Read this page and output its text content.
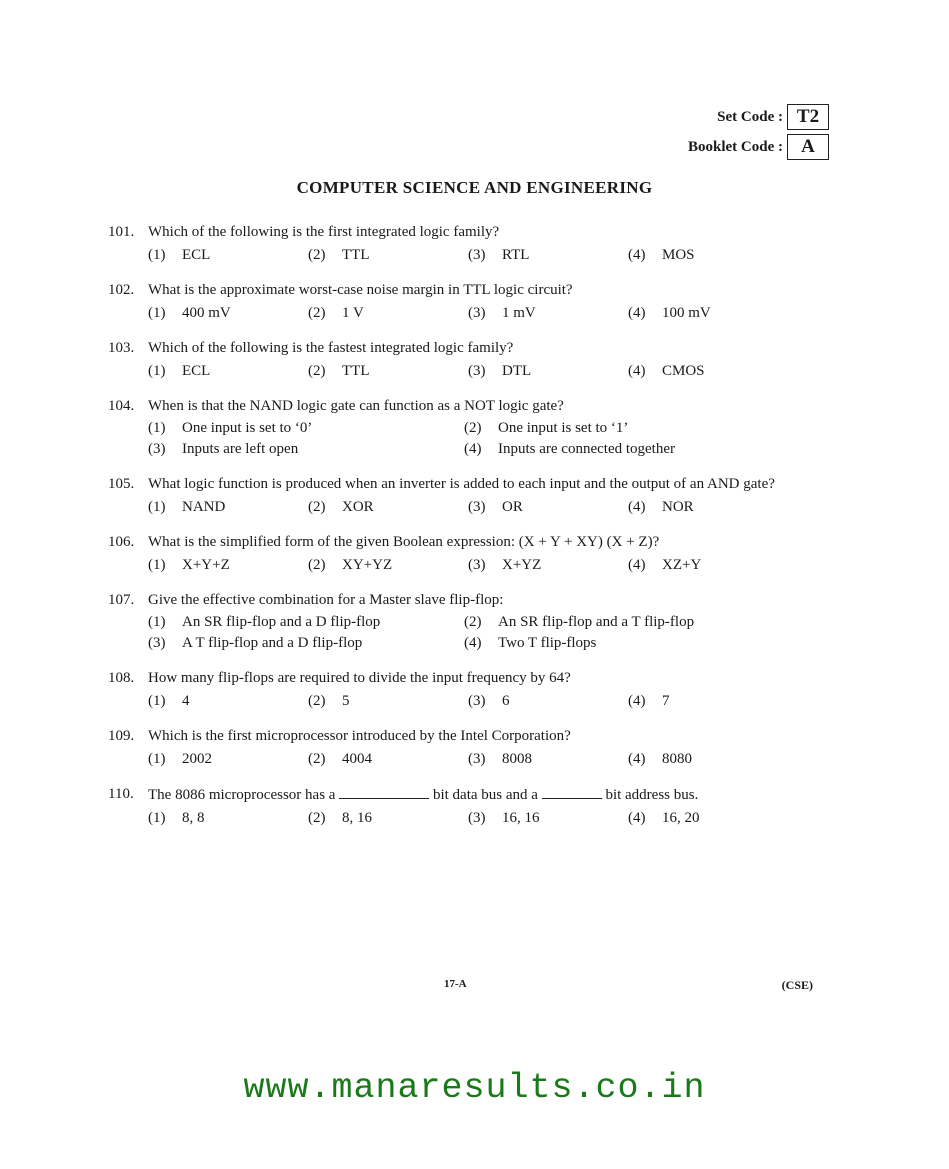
Set Code : T2
Booklet Code : A
COMPUTER SCIENCE AND ENGINEERING
101. Which of the following is the first integrated logic family?
(1) ECL	(2) TTL	(3) RTL	(4) MOS
102. What is the approximate worst-case noise margin in TTL logic circuit?
(1) 400 mV	(2) 1 V	(3) 1 mV	(4) 100 mV
103. Which of the following is the fastest integrated logic family?
(1) ECL	(2) TTL	(3) DTL	(4) CMOS
104. When is that the NAND logic gate can function as a NOT logic gate?
(1) One input is set to ‘0’	(2) One input is set to ‘1’
(3) Inputs are left open	(4) Inputs are connected together
105. What logic function is produced when an inverter is added to each input and the output of an AND gate?
(1) NAND	(2) XOR	(3) OR	(4) NOR
106. What is the simplified form of the given Boolean expression: (X + Y + XY) (X + Z)?
(1) X+Y+Z	(2) XY+YZ	(3) X+YZ	(4) XZ+Y
107. Give the effective combination for a Master slave flip-flop:
(1) An SR flip-flop and a D flip-flop	(2) An SR flip-flop and a T flip-flop
(3) A T flip-flop and a D flip-flop	(4) Two T flip-flops
108. How many flip-flops are required to divide the input frequency by 64?
(1) 4	(2) 5	(3) 6	(4) 7
109. Which is the first microprocessor introduced by the Intel Corporation?
(1) 2002	(2) 4004	(3) 8008	(4) 8080
110. The 8086 microprocessor has a	bit data bus and a	bit address bus.
(1) 8, 8	(2) 8, 16	(3) 16, 16	(4) 16, 20
17-A	(CSE)
www.manaresults.co.in
